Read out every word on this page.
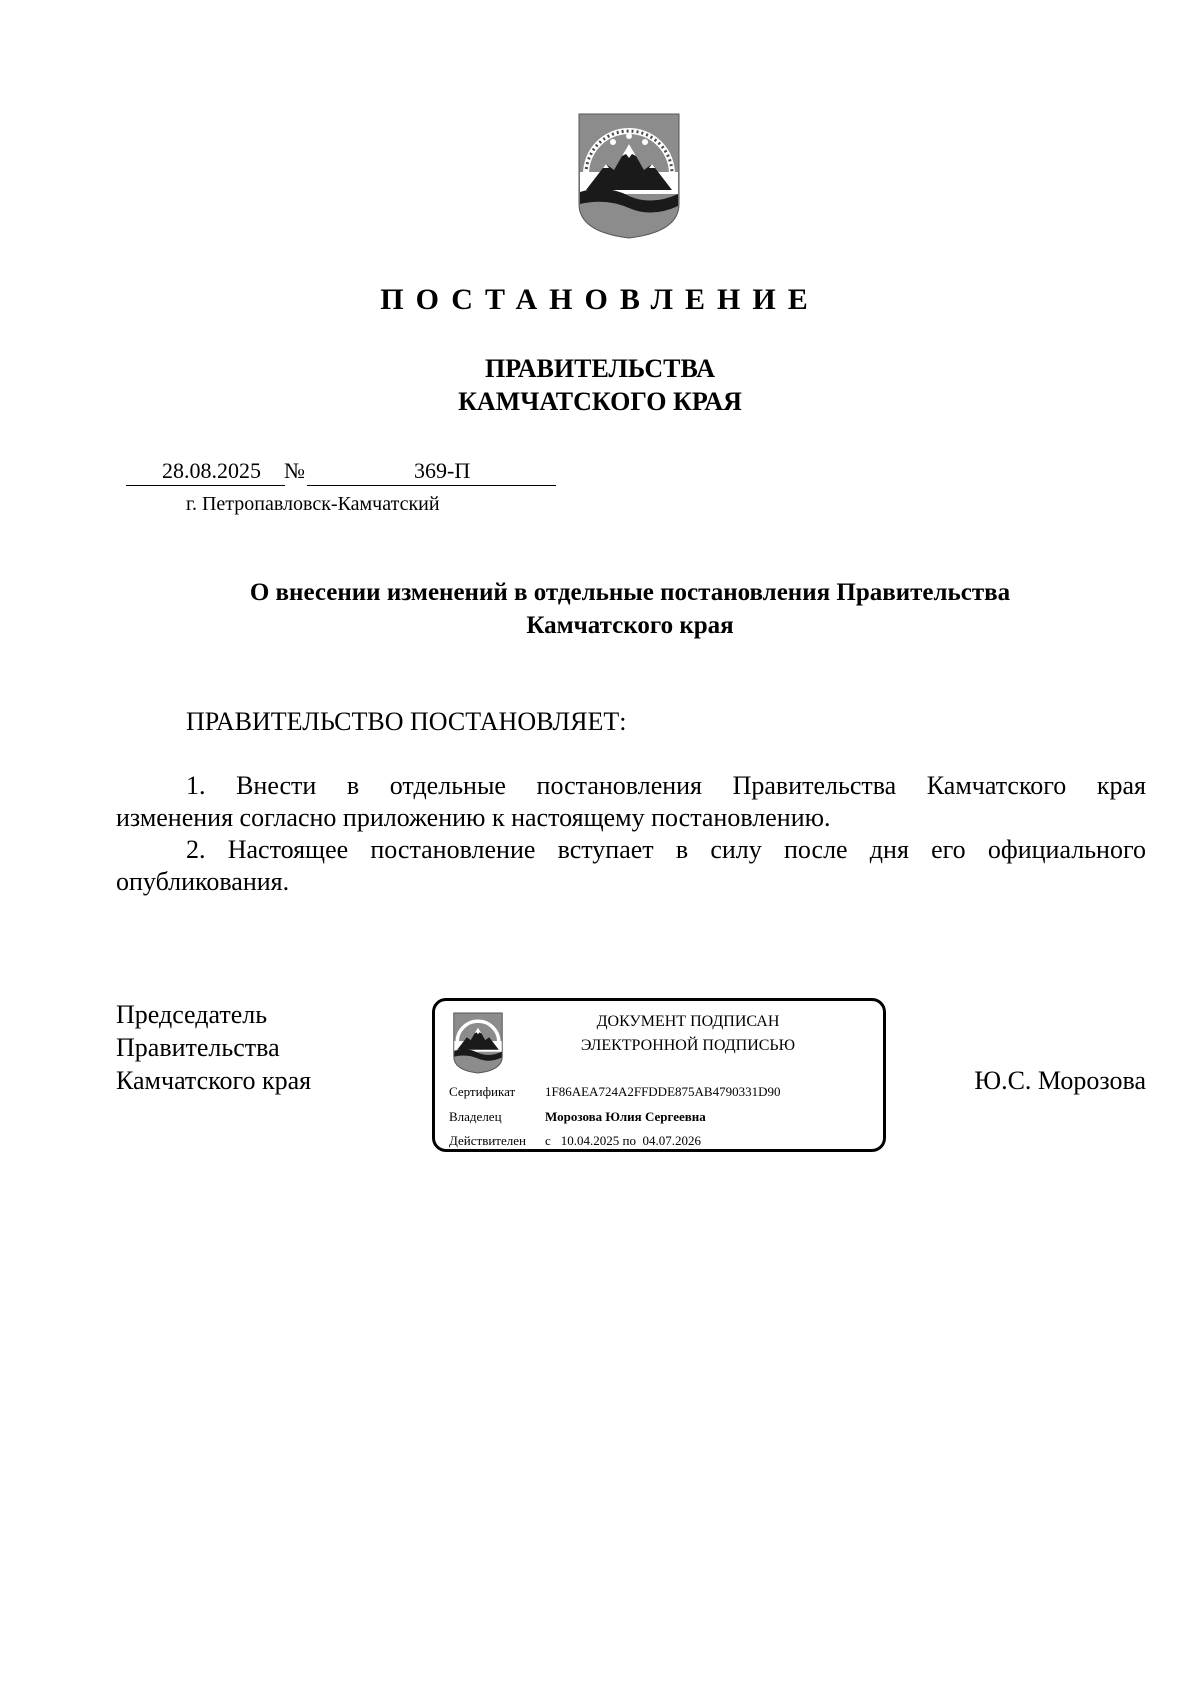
ПОСТАНОВЛЕНИЕ
ПРАВИТЕЛЬСТВА
КАМЧАТСКОГО КРАЯ
28.08.2025 №	369-П
г. Петропавловск-Камчатский
О внесении изменений в отдельные постановления Правительства
Камчатского края
ПРАВИТЕЛЬСТВО ПОСТАНОВЛЯЕТ:
1. Внести в отдельные постановления Правительства Камчатского края
изменения согласно приложению к настоящему постановлению.
2. Настоящее постановление вступает в силу после дня его официального
опубликования.
Председатель
Правительства
Камчатского края
ДОКУМЕНТ ПОДПИСАН
ЭЛЕКТРОННОЙ ПОДПИСЬЮ
Сертификат 1F86AEA724A2FFDDE875AB4790331D90
Владелец	Морозова Юлия Сергеевна
Действителен с 10.04.2025 по 04.07.2026
Ю.С. Морозова
